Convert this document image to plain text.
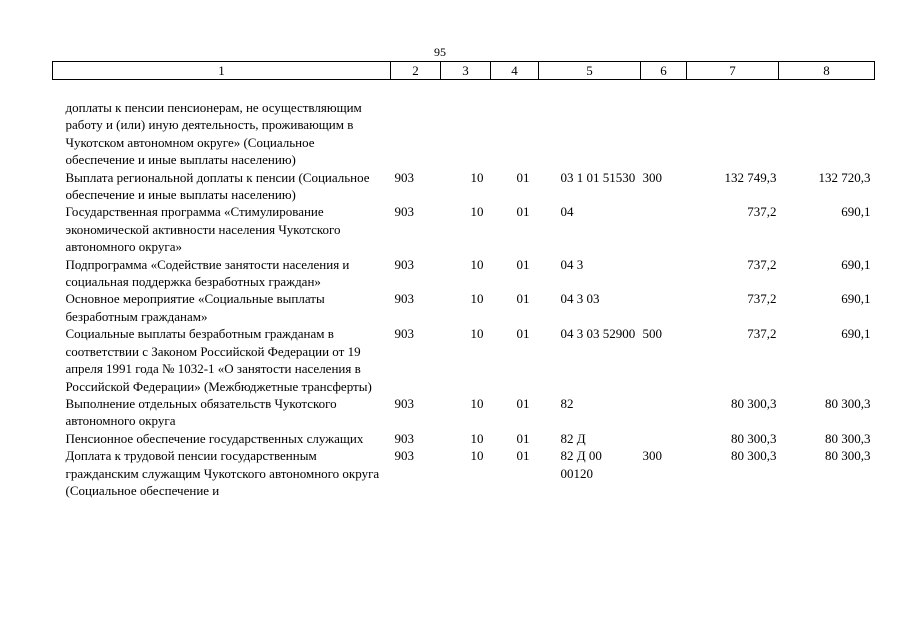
95
1	2	3	4	5	6	7	8
доплаты к пенсии пенсионерам, не осуществляющим работу и (или) иную деятельность, проживающим в Чукотском автономном округе» (Социальное обеспечение и иные выплаты населению)							
Выплата региональной доплаты к пенсии (Социальное обеспечение и иные выплаты населению)	903	10	01	03 1 01 51530	300	132 749,3	132 720,3
Государственная программа «Стимулирование экономической активности населения Чукотского автономного округа»	903	10	01	04		737,2	690,1
Подпрограмма «Содействие занятости населения и социальная поддержка безработных граждан»	903	10	01	04 3		737,2	690,1
Основное мероприятие «Социальные выплаты безработным гражданам»	903	10	01	04 3 03		737,2	690,1
Социальные выплаты безработным гражданам в соответствии с Законом Российской Федерации от 19 апреля 1991 года № 1032-1 «О занятости населения в Российской Федерации» (Межбюджетные трансферты)	903	10	01	04 3 03 52900	500	737,2	690,1
Выполнение отдельных обязательств Чукотского автономного округа	903	10	01	82		80 300,3	80 300,3
Пенсионное обеспечение государственных служащих	903	10	01	82 Д		80 300,3	80 300,3
Доплата к трудовой пенсии государственным гражданским служащим Чукотского автономного округа (Социальное обеспечение и	903	10	01	82 Д 00 00120	300	80 300,3	80 300,3
